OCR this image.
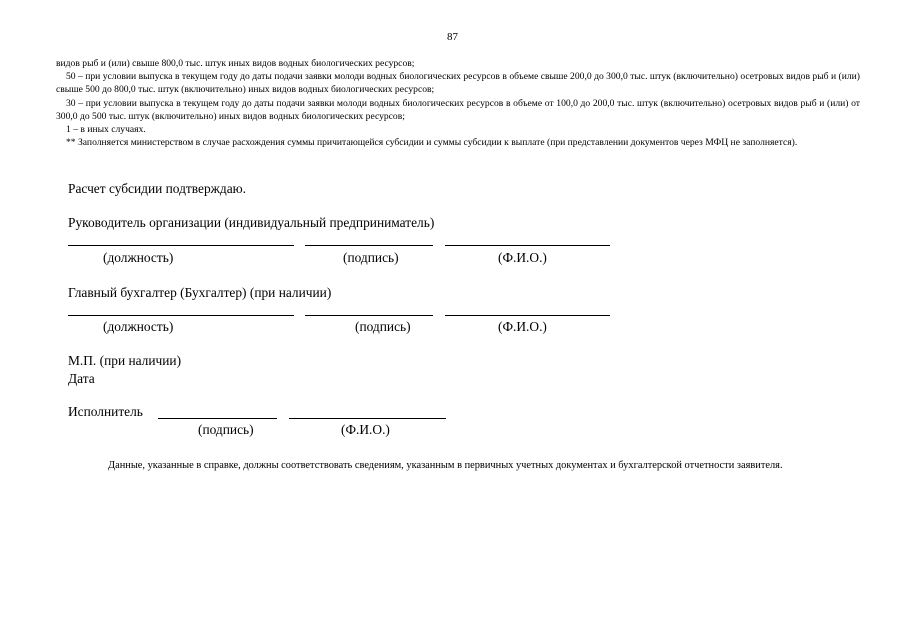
87

видов рыб и (или) свыше 800,0 тыс. штук иных видов водных биологических ресурсов;

50 – при условии выпуска в текущем году до даты подачи заявки молоди водных биологических ресурсов в объеме свыше 200,0 до 300,0 тыс. штук (включительно) осетровых видов рыб и (или) свыше 500 до 800,0 тыс. штук (включительно) иных видов водных биологических ресурсов;

30 – при условии выпуска в текущем году до даты подачи заявки молоди водных биологических ресурсов в объеме от 100,0 до 200,0 тыс. штук (включительно) осетровых видов рыб и (или) от 300,0 до 500 тыс. штук (включительно) иных видов водных биологических ресурсов;

1 – в иных случаях.

** Заполняется министерством в случае расхождения суммы причитающейся субсидии и суммы субсидии к выплате (при представлении документов через МФЦ не заполняется).

Расчет субсидии подтверждаю.
Руководитель организации (индивидуальный предприниматель)
(должность)	(подпись)	(Ф.И.О.)
Главный бухгалтер (Бухгалтер) (при наличии)
(должность)	(подпись)	(Ф.И.О.)
М.П. (при наличии)
Дата
Исполнитель
(подпись)	(Ф.И.О.)

Данные, указанные в справке, должны соответствовать сведениям, указанным в первичных учетных документах и бухгалтерской отчетности заявителя.
